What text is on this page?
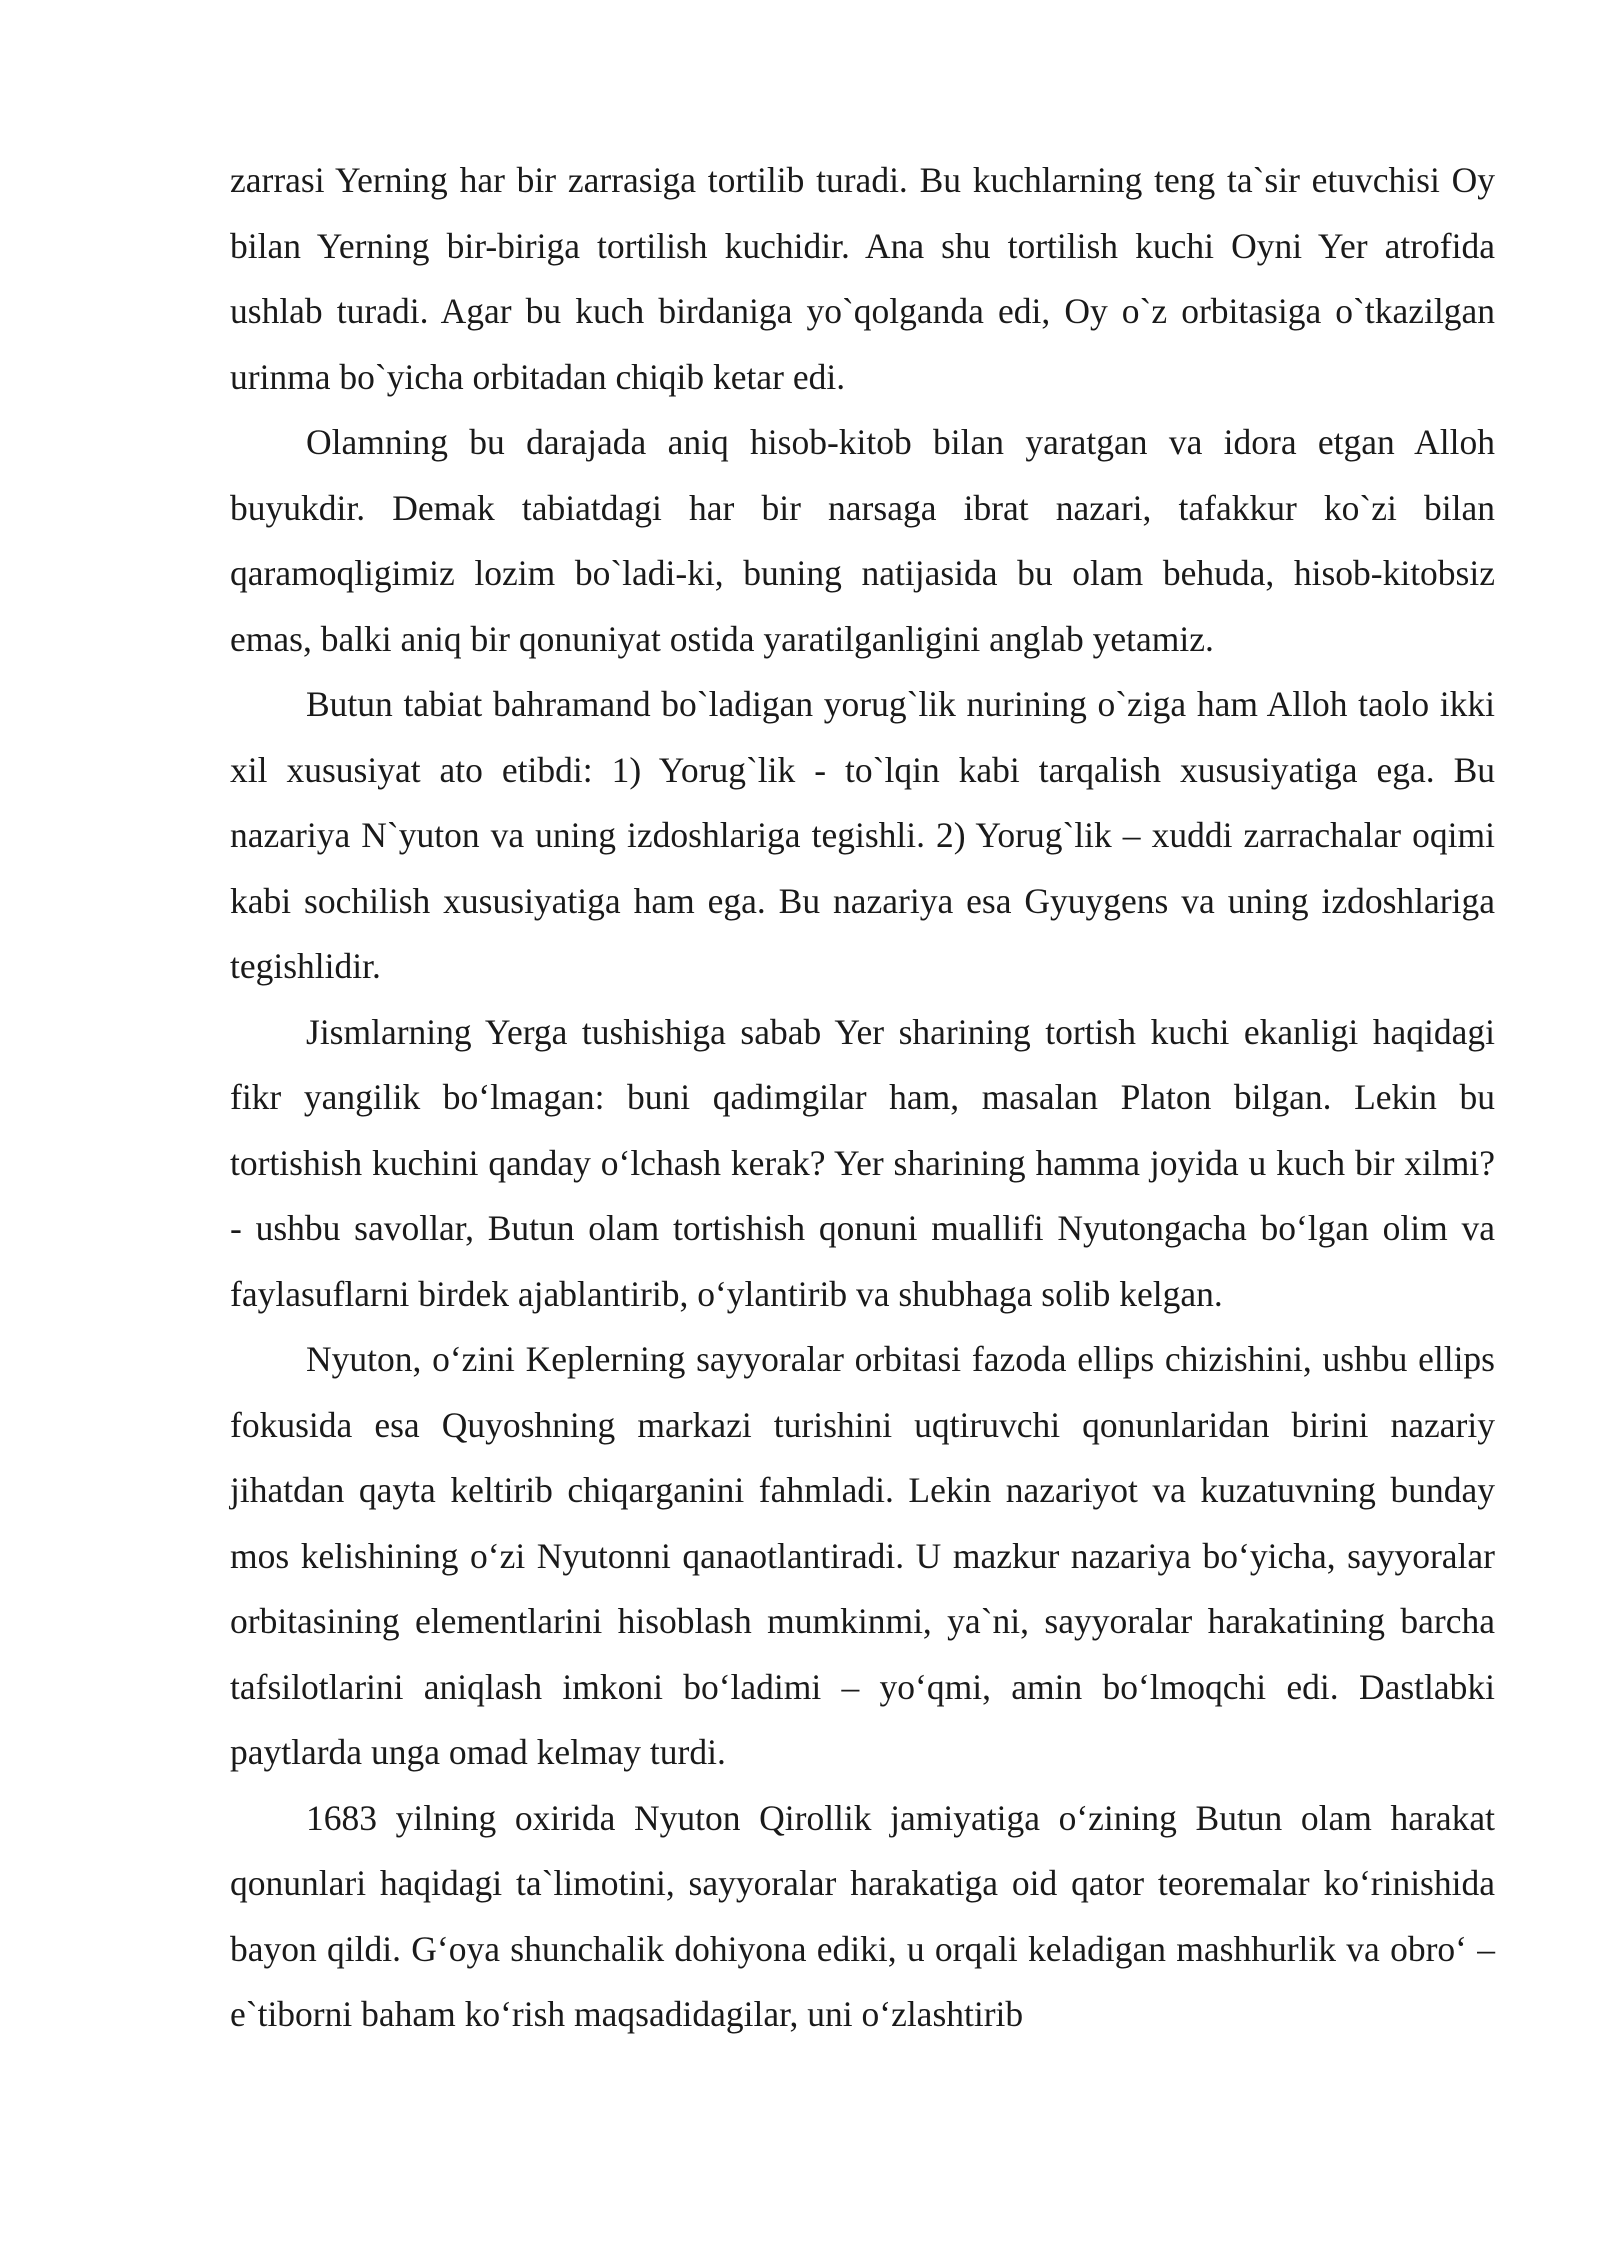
zarrasi Yerning har bir zarrasiga tortilib turadi. Bu kuchlarning teng ta`sir etuvchisi Oy bilan Yerning bir-biriga tortilish kuchidir. Ana shu tortilish kuchi Oyni Yer atrofida ushlab turadi. Agar bu kuch birdaniga yo`qolganda edi, Oy o`z orbitasiga o`tkazilgan urinma bo`yicha orbitadan chiqib ketar edi.

Olamning bu darajada aniq hisob-kitob bilan yaratgan va idora etgan Alloh buyukdir. Demak tabiatdagi har bir narsaga ibrat nazari, tafakkur ko`zi bilan qaramoqligimiz lozim bo`ladi-ki, buning natijasida bu olam behuda, hisob-kitobsiz emas, balki aniq bir qonuniyat ostida yaratilganligini anglab yetamiz.

Butun tabiat bahramand bo`ladigan yorug`lik nurining o`ziga ham Alloh taolo ikki xil xususiyat ato etibdi: 1) Yorug`lik - to`lqin kabi tarqalish xususiyatiga ega. Bu nazariya N`yuton va uning izdoshlariga tegishli. 2) Yorug`lik – xuddi zarrachalar oqimi kabi sochilish xususiyatiga ham ega. Bu nazariya esa Gyuygens va uning izdoshlariga tegishlidir.

Jismlarning Yerga tushishiga sabab Yer sharining tortish kuchi ekanligi haqidagi fikr yangilik bo‘lmagan: buni qadimgilar ham, masalan Platon bilgan. Lekin bu tortishish kuchini qanday o‘lchash kerak? Yer sharining hamma joyida u kuch bir xilmi? - ushbu savollar, Butun olam tortishish qonuni muallifi Nyutongacha bo‘lgan olim va faylasuflarni birdek ajablantirib, o‘ylantirib va shubhaga solib kelgan.

Nyuton, o‘zini Keplerning sayyoralar orbitasi fazoda ellips chizishini, ushbu ellips fokusida esa Quyoshning markazi turishini uqtiruvchi qonunlaridan birini nazariy jihatdan qayta keltirib chiqarganini fahmladi. Lekin nazariyot va kuzatuvning bunday mos kelishining o‘zi Nyutonni qanaotlantiradi. U mazkur nazariya bo‘yicha, sayyoralar orbitasining elementlarini hisoblash mumkinmi, ya`ni, sayyoralar harakatining barcha tafsilotlarini aniqlash imkoni bo‘ladimi – yo‘qmi, amin bo‘lmoqchi edi. Dastlabki paytlarda unga omad kelmay turdi.

1683 yilning oxirida Nyuton Qirollik jamiyatiga o‘zining Butun olam harakat qonunlari haqidagi ta`limotini, sayyoralar harakatiga oid qator teoremalar ko‘rinishida bayon qildi. G‘oya shunchalik dohiyona ediki, u orqali keladigan mashhurlik va obro‘ – e`tiborni baham ko‘rish maqsadidagilar, uni o‘zlashtirib
